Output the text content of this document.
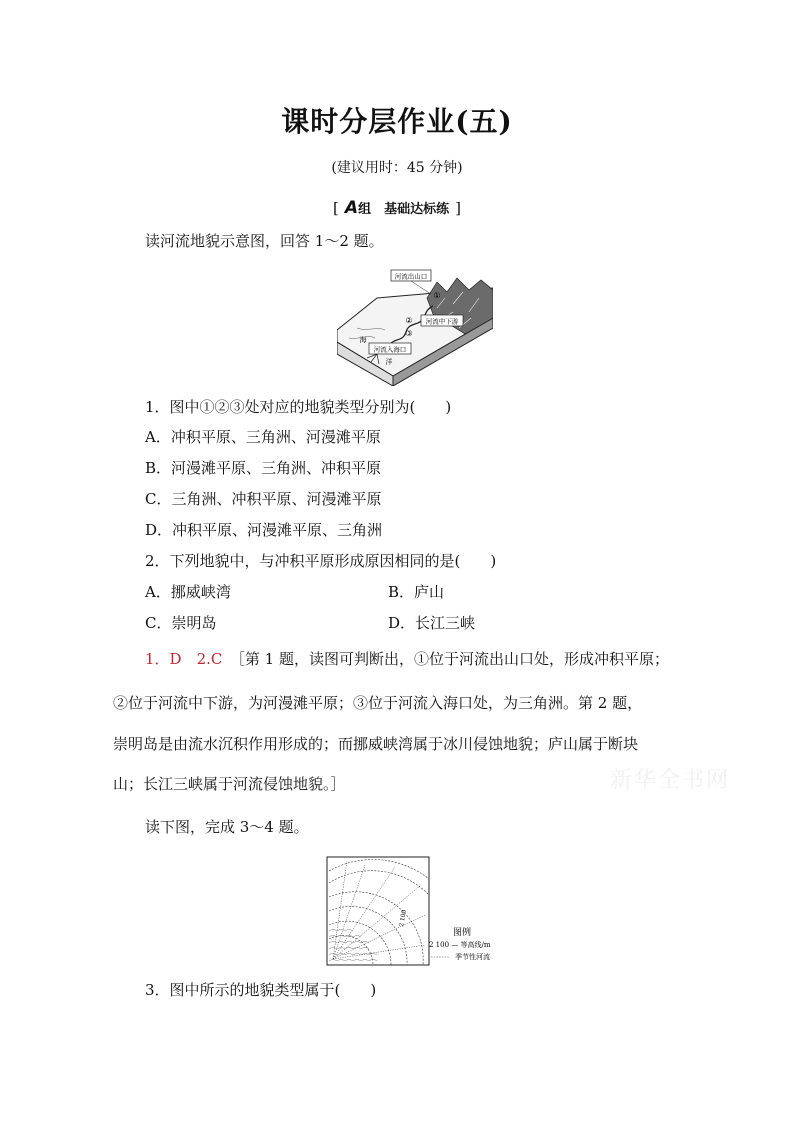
课时分层作业(五)
(建议用时：45 分钟)
[ A组　基础达标练 ]
读河流地貌示意图，回答 1～2 题。
河流出山口
河流中下游
河流入海口
①
②
③
海
洋
1．图中①②③处对应的地貌类型分别为(　　)
A．冲积平原、三角洲、河漫滩平原
B．河漫滩平原、三角洲、冲积平原
C．三角洲、冲积平原、河漫滩平原
D．冲积平原、河漫滩平原、三角洲
2．下列地貌中，与冲积平原形成原因相同的是(　　)
A．挪威峡湾	B．庐山
C．崇明岛	D．长江三峡
1．D　2.C　 ［第 1 题，读图可判断出，①位于河流出山口处，形成冲积平原；
②位于河流中下游，为河漫滩平原；③位于河流入海口处，为三角洲。第 2 题，
崇明岛是由流水沉积作用形成的；而挪威峡湾属于冰川侵蚀地貌；庐山属于断块
山；长江三峡属于河流侵蚀地貌。］	新华全书网
读下图，完成 3～4 题。
2 100
图例
2 100 — 等高线/m
季节性河流
3．图中所示的地貌类型属于(　　)
